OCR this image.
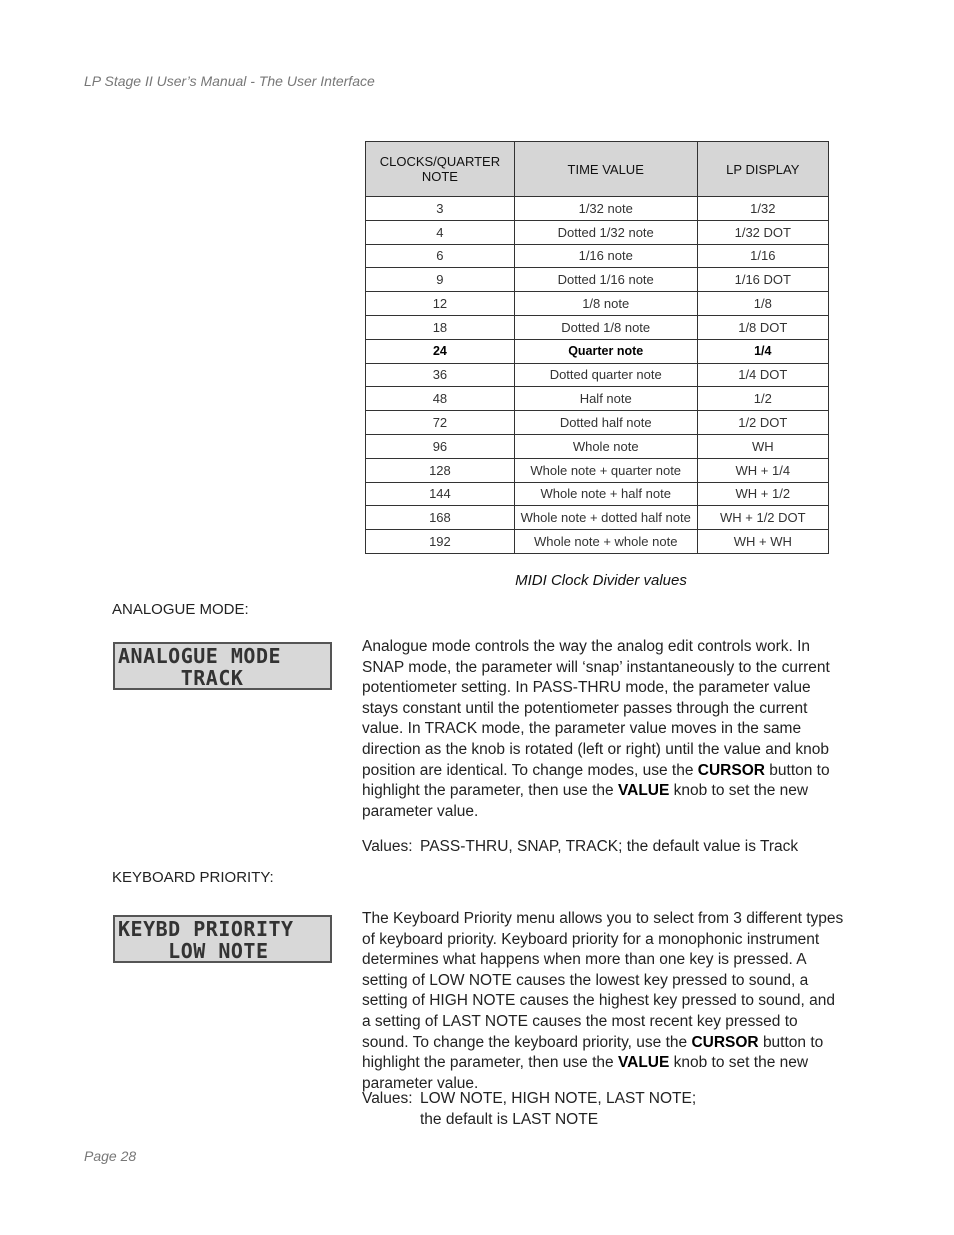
LP Stage II User’s Manual - The User Interface
CLOCKS/QUARTER NOTE	TIME VALUE	LP DISPLAY
3	1/32 note	1/32
4	Dotted 1/32 note	1/32 DOT
6	1/16 note	1/16
9	Dotted 1/16 note	1/16 DOT
12	1/8 note	1/8
18	Dotted 1/8 note	1/8 DOT
24	Quarter note	1/4
36	Dotted quarter note	1/4 DOT
48	Half note	1/2
72	Dotted half note	1/2 DOT
96	Whole note	WH
128	Whole note + quarter note	WH + 1/4
144	Whole note + half note	WH + 1/2
168	Whole note + dotted half note	WH + 1/2 DOT
192	Whole note + whole note	WH + WH
MIDI Clock Divider values
ANALOGUE MODE:
ANALOGUE MODE
TRACK

Analogue mode controls the way the analog edit controls work. In SNAP mode, the parameter will ‘snap’ instantaneously to the current potentiometer setting. In PASS-THRU mode, the parameter value stays constant until the potentiometer passes through the current value. In TRACK mode, the parameter value moves in the same direction as the knob is rotated (left or right) until the value and knob position are identical. To change modes, use the CURSOR button to highlight the parameter, then use the VALUE knob to set the new parameter value.

Values: PASS-THRU, SNAP, TRACK; the default value is Track
KEYBOARD PRIORITY:
KEYBD PRIORITY
LOW NOTE

The Keyboard Priority menu allows you to select from 3 different types of keyboard priority. Keyboard priority for a monophonic instrument determines what happens when more than one key is pressed. A setting of LOW NOTE causes the lowest key pressed to sound, a setting of HIGH NOTE causes the highest key pressed to sound, and a setting of LAST NOTE causes the most recent key pressed to sound. To change the keyboard priority, use the CURSOR button to highlight the parameter, then use the VALUE knob to set the new parameter value.

Values: LOW NOTE, HIGH NOTE, LAST NOTE;
the default is LAST NOTE
Page 28
